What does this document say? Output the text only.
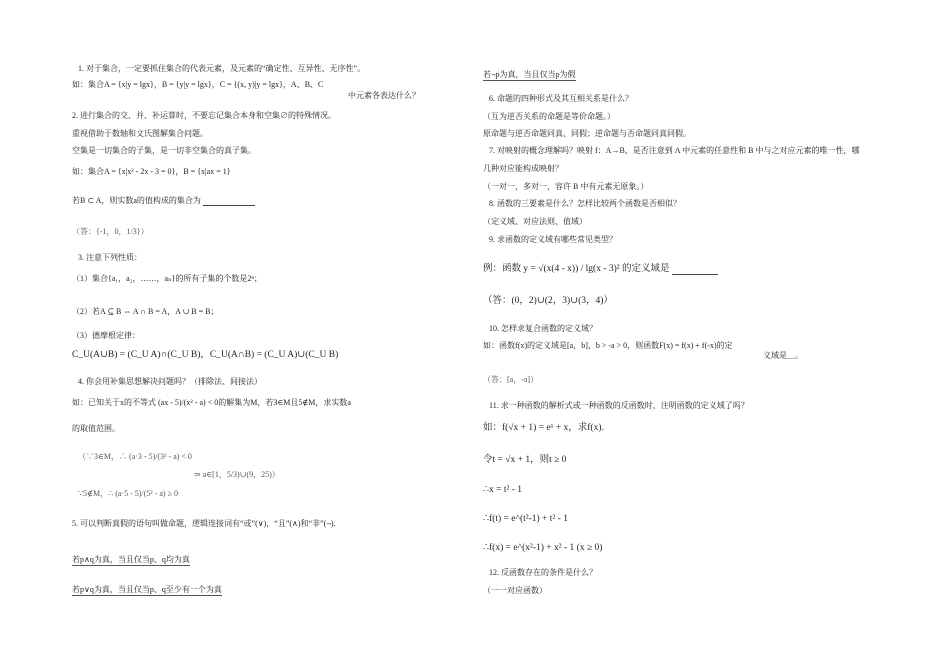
1. 对于集合，一定要抓住集合的代表元素，及元素的“确定性、互异性、无序性”。
如：集合A = {x|y = lgx}，B = {y|y = lgx}，C = {(x, y)|y = lgx}，A、B、C
中元素各表达什么？
2. 进行集合的交、并、补运算时，不要忘记集合本身和空集∅的特殊情况。
重视借助于数轴和文氏图解集合问题。
空集是一切集合的子集，是一切非空集合的真子集。
如：集合A = {x|x² - 2x - 3 = 0}，B = {x|ax = 1}
若B ⊂ A，则实数a的值构成的集合为
（答：{-1，0，1/3}）
3. 注意下列性质：
（1）集合{a₁，a₂，……，aₙ}的所有子集的个数是2ⁿ；
（2）若A ⊆ B ⇔ A ∩ B = A，A ∪ B = B；
（3）德摩根定律：
C_U(A∪B) = (C_U A)∩(C_U B)，C_U(A∩B) = (C_U A)∪(C_U B)
4. 你会用补集思想解决问题吗？（排除法、间接法）
如：已知关于x的不等式 (ax - 5)/(x² - a) < 0的解集为M，若3∈M且5∉M，求实数a
的取值范围。
（∵3∈M，∴ (a·3 - 5)/(3² - a) < 0
⇒ a∈[1，5/3)∪(9，25)）
∵5∉M，∴ (a·5 - 5)/(5² - a) ≥ 0
5. 可以判断真假的语句叫做命题，逻辑连接词有“或”(∨)，“且”(∧)和“非”(¬).
若p∧q为真，当且仅当p、q均为真
若p∨q为真，当且仅当p、q至少有一个为真
若¬p为真，当且仅当p为假
6. 命题的四种形式及其互相关系是什么？
（互为逆否关系的命题是等价命题。）
原命题与逆否命题同真、同假；逆命题与否命题同真同假。
7. 对映射的概念理解吗？映射 f：A→B，是否注意到 A 中元素的任意性和 B 中与之对应元素的唯一性，哪
几种对应能构成映射？
（一对一，多对一，容许 B 中有元素无原象。）
8. 函数的三要素是什么？怎样比较两个函数是否相似？
（定义域、对应法则、值域）
9. 求函数的定义域有哪些常见类型？
例：函数 y = √(x(4 - x)) / lg(x - 3)² 的定义域是
（答：(0，2)∪(2，3)∪(3，4)）
10. 怎样求复合函数的定义域？
如：函数f(x)的定义域是[a，b]，b > -a > 0，则函数F(x) = f(x) + f(-x)的定
义域是＿。
（答：[a，-a]）
11. 求一种函数的解析式或一种函数的反函数时，注明函数的定义域了吗？
如：f(√x + 1) = eˣ + x，求f(x).
令t = √x + 1，则t ≥ 0
∴x = t² - 1
∴f(t) = e^(t²-1) + t² - 1
∴f(x) = e^(x²-1) + x² - 1 (x ≥ 0)
12. 反函数存在的条件是什么？
（一一对应函数）
